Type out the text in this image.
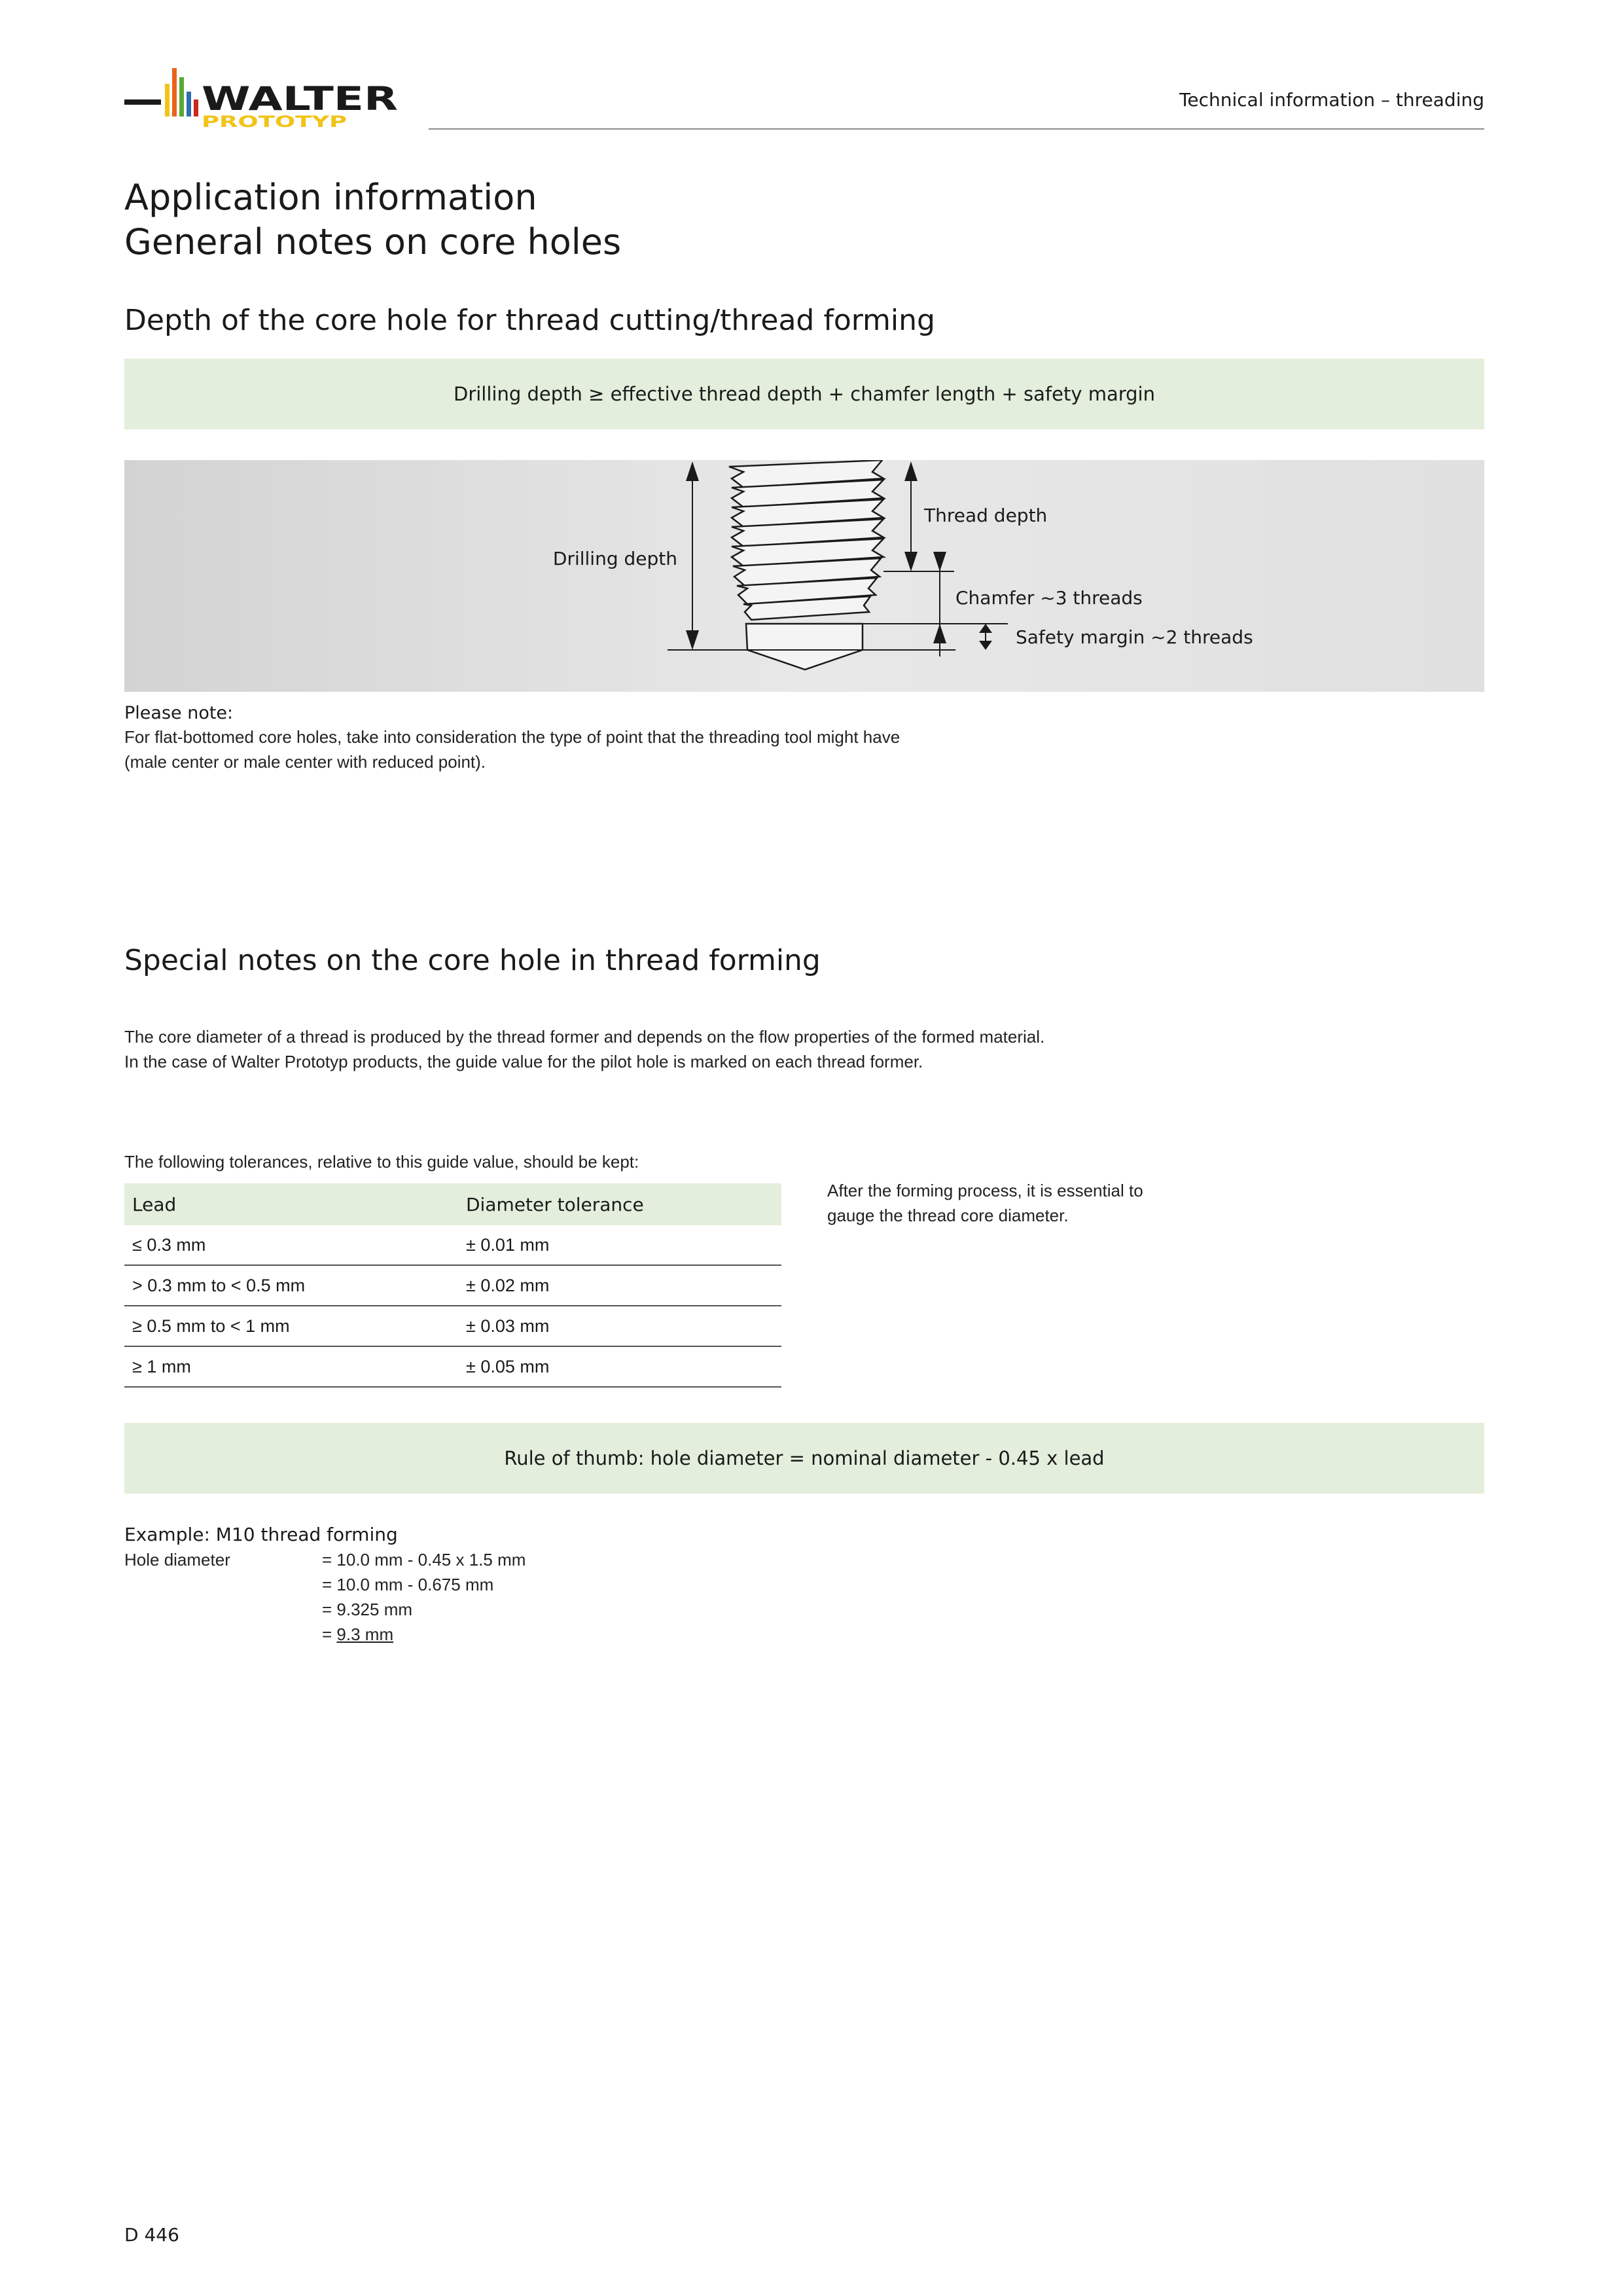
WALTER
PROTOTYP
Technical information – threading
Application information
General notes on core holes
Depth of the core hole for thread cutting/thread forming
Drilling depth ≥ effective thread depth + chamfer length + safety margin
Drilling depth
Thread depth
Chamfer ~3 threads
Safety margin ~2 threads
Please note:
For flat-bottomed core holes, take into consideration the type of point that the threading tool might have
(male center or male center with reduced point).
Special notes on the core hole in thread forming
The core diameter of a thread is produced by the thread former and depends on the flow properties of the formed material.
In the case of Walter Prototyp products, the guide value for the pilot hole is marked on each thread former.
The following tolerances, relative to this guide value, should be kept:
Lead	Diameter tolerance
≤ 0.3 mm	± 0.01 mm
> 0.3 mm to < 0.5 mm	± 0.02 mm
≥ 0.5 mm to < 1 mm	± 0.03 mm
≥ 1 mm	± 0.05 mm
After the forming process, it is essential to
gauge the thread core diameter.
Rule of thumb: hole diameter = nominal diameter - 0.45 x lead
Example: M10 thread forming
Hole diameter	= 10.0 mm - 0.45 x 1.5 mm
= 10.0 mm - 0.675 mm
= 9.325 mm
= 9.3 mm
D 446
